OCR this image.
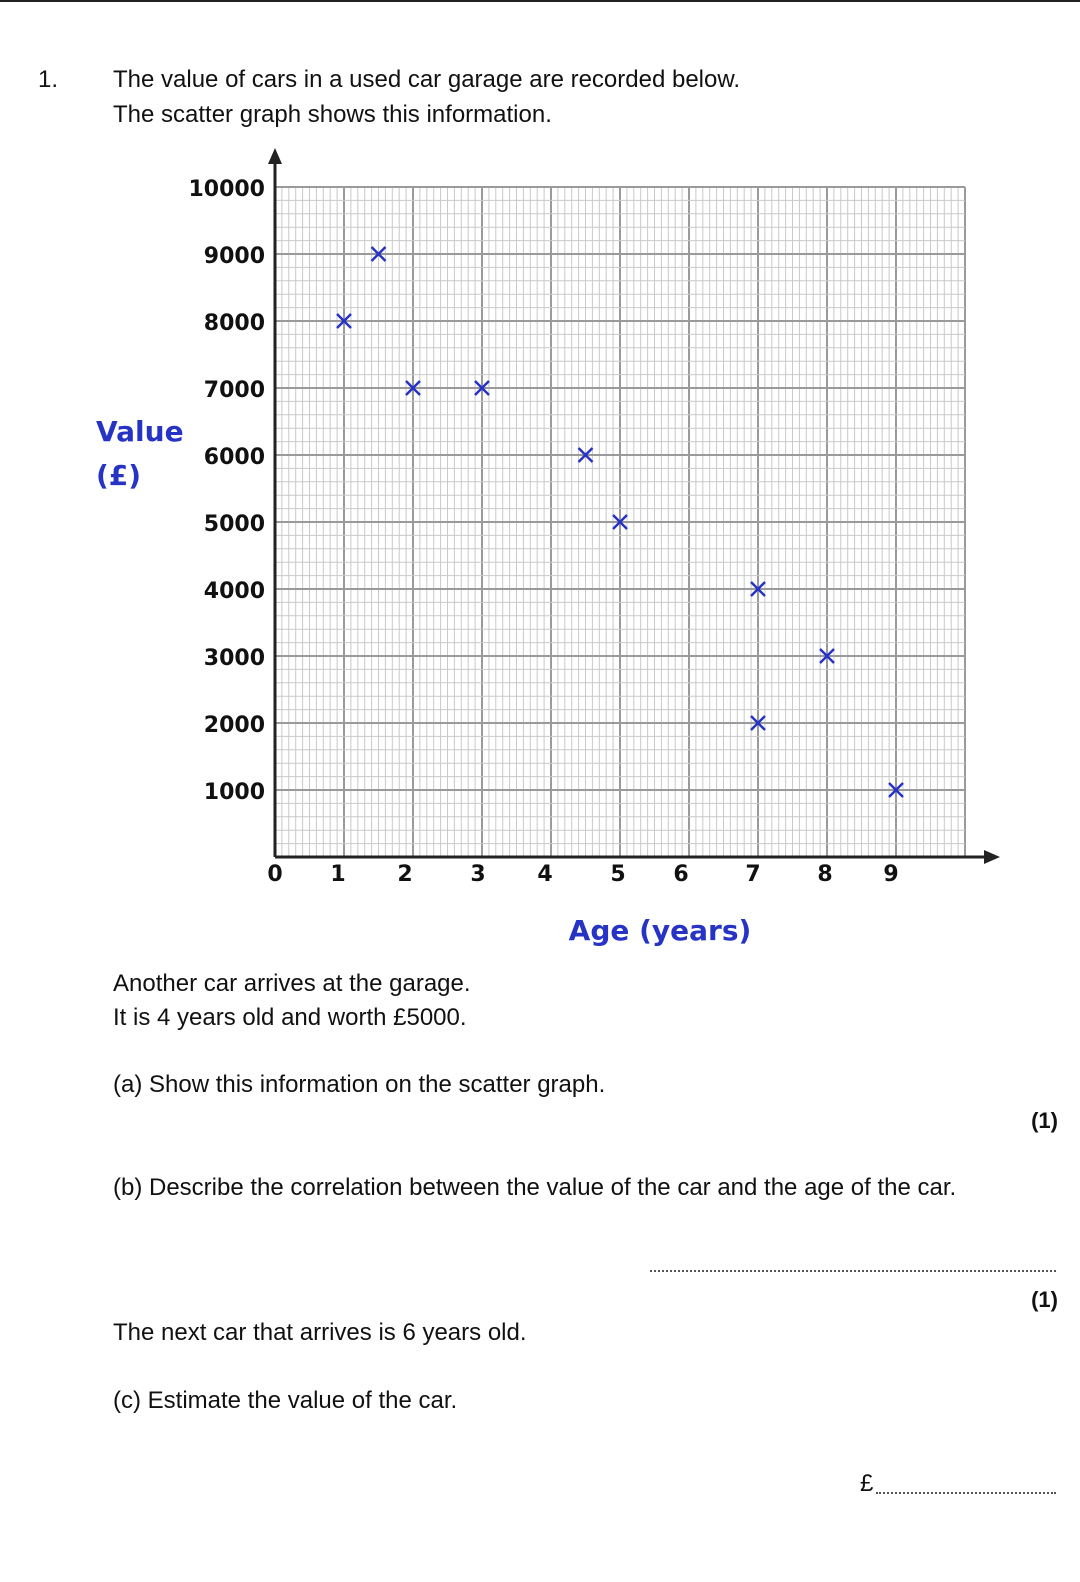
1. The value of cars in a used car garage are recorded below.
The scatter graph shows this information.
Value
(£)
0 1 2	3 4	5 6	7	8 9
10000
9000
8000
7000
6000
5000
4000
3000
2000
1000
Age (years)
Another car arrives at the garage.
It is 4 years old and worth £5000.
(a) Show this information on the scatter graph.
(1)
(b) Describe the correlation between the value of the car and the age of the car.
(1)
The next car that arrives is 6 years old.
(c) Estimate the value of the car.
£
